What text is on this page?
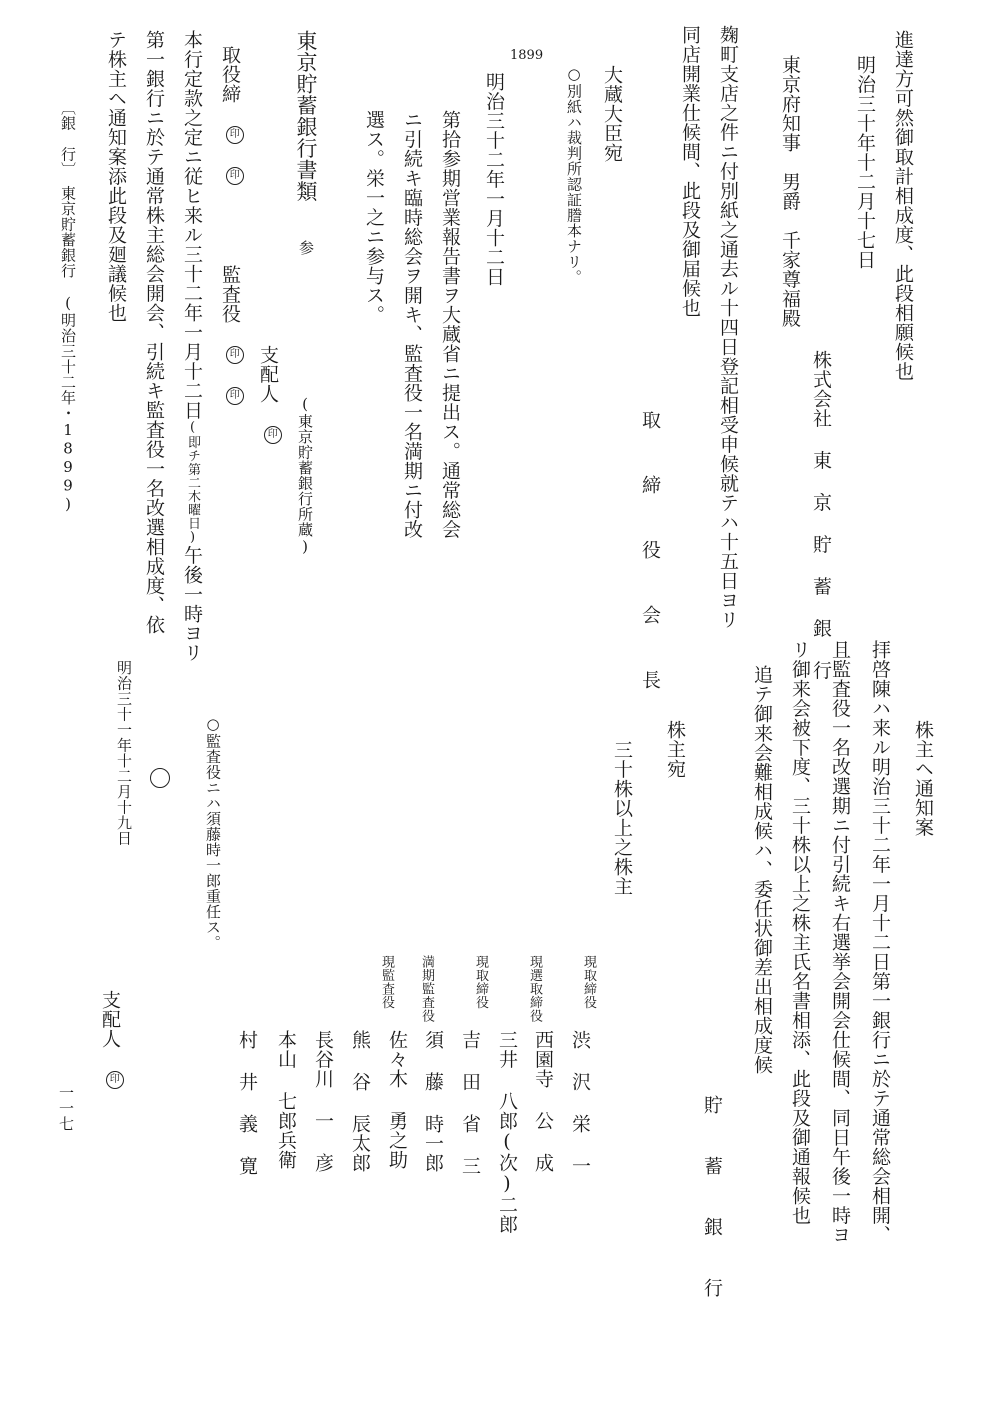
進達方可然御取計相成度、此段相願候也
明治三十年十二月十七日
株式会社 東 京 貯 蓄 銀 行
東京府知事　男爵　千家尊福殿
取 締 役 会 長	麹町支店之件ニ付別紙之通去ル十四日登記相受申候就テハ十五日ヨリ
同店開業仕候間、此段及御届候也
大蔵大臣宛
○別紙ハ裁判所認証謄本ナリ。
1899
明治三十二年一月十二日
第拾参期営業報告書ヲ大蔵省ニ提出ス。通常総会
ニ引続キ臨時総会ヲ開キ、監査役一名満期ニ付改
選ス。栄一之ニ参与ス。
東京貯蓄銀行書類
参
(東京貯蓄銀行所蔵)
支配人 印
取役締 印 印
監査役 印 印
本行定款之定ニ従ヒ来ル三十二年一月十二日(即チ第二木曜日)午後一時ヨリ
第一銀行ニ於テ通常株主総会開会、引続キ監査役一名改選相成度、依
テ株主ヘ通知案添此段及廻議候也
〔銀　行〕　東京貯蓄銀行　(明治三十二年・1899)
株主ヘ通知案
拝啓陳ハ来ル明治三十二年一月十二日第一銀行ニ於テ通常総会相開、
且監査役一名改選期ニ付引続キ右選挙会開会仕候間、同日午後一時ヨ
リ御来会被下度、三十株以上之株主氏名書相添、此段及御通報候也
追テ御来会難相成候ハ、委任状御差出相成度候
貯 蓄 銀 行
株主宛
三十株以上之株主
現取締役
現選取締役
現取締役
満期監査役
現監査役
渋 沢 栄 一
西園寺 公 成
三井 八郎(次)二郎
吉 田 省 三
須 藤 時一郎
佐々木 勇之助
熊 谷 辰太郎
長谷川 一 彦
本山 七郎兵衛
村 井 義 寛
○監査役ニハ須藤時一郎重任ス。
明治三十一年十二月十九日
支配人 印
一一七
